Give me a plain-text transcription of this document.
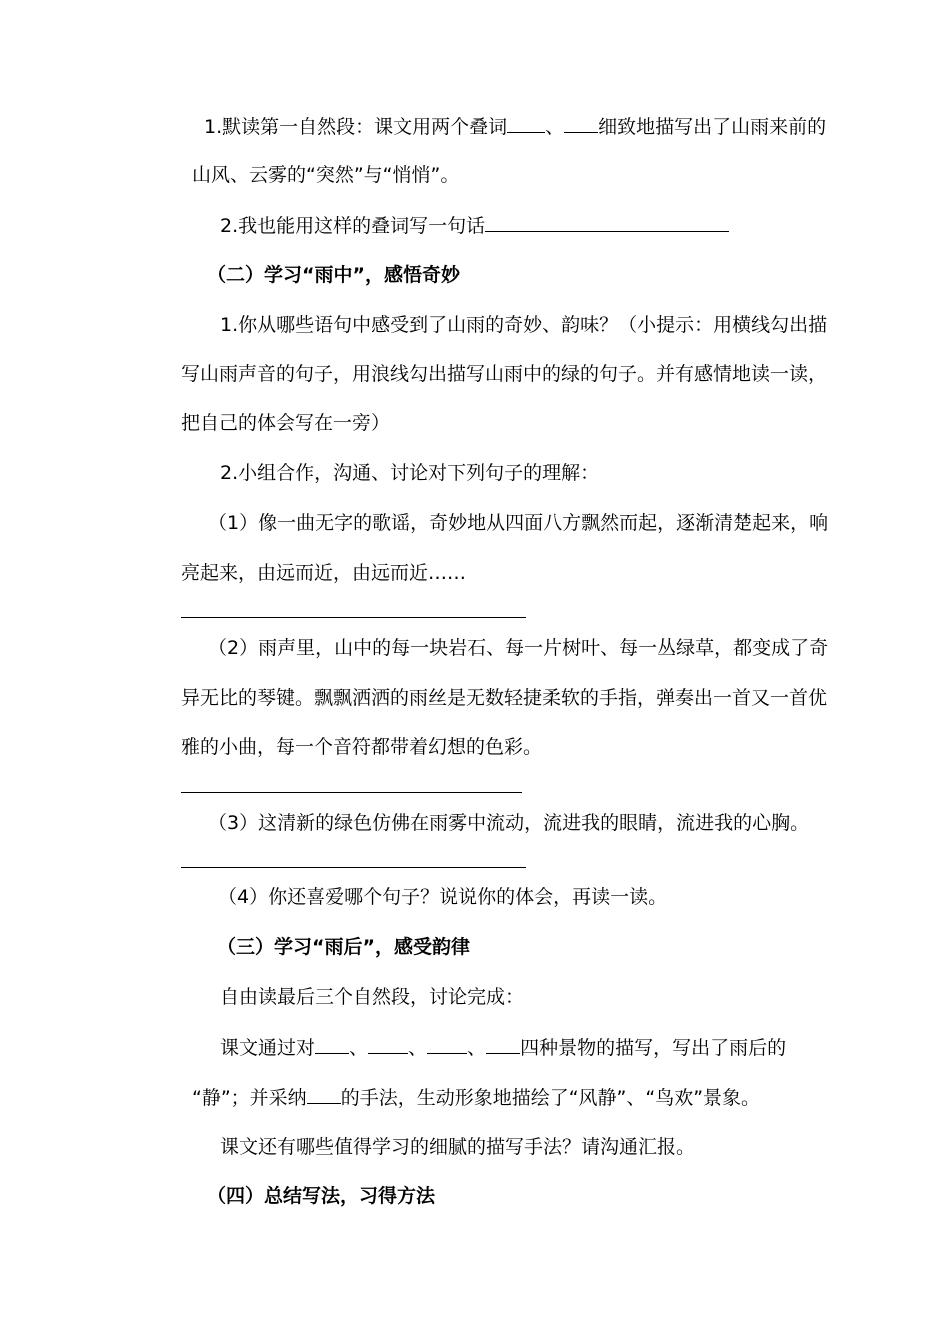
1.默读第一自然段：课文用两个叠词 、 细致地描写出了山雨来前的
山风、云雾的“突然”与“悄悄”。
2.我也能用这样的叠词写一句话
（二）学习“雨中”，感悟奇妙
1.你从哪些语句中感受到了山雨的奇妙、韵味？（小提示：用横线勾出描
写山雨声音的句子，用浪线勾出描写山雨中的绿的句子。并有感情地读一读，
把自己的体会写在一旁）
2.小组合作，沟通、讨论对下列句子的理解：
（1）像一曲无字的歌谣，奇妙地从四面八方飘然而起，逐渐清楚起来，响
亮起来，由远而近，由远而近……
（2）雨声里，山中的每一块岩石、每一片树叶、每一丛绿草，都变成了奇
异无比的琴键。飘飘洒洒的雨丝是无数轻捷柔软的手指，弹奏出一首又一首优
雅的小曲，每一个音符都带着幻想的色彩。
（3）这清新的绿色仿佛在雨雾中流动，流进我的眼睛，流进我的心胸。
（4）你还喜爱哪个句子？说说你的体会，再读一读。
（三）学习“雨后”，感受韵律
自由读最后三个自然段，讨论完成：
课文通过对 、 、 、 四种景物的描写，写出了雨后的
“静”；并采纳 的手法，生动形象地描绘了“风静”、“鸟欢”景象。
课文还有哪些值得学习的细腻的描写手法？请沟通汇报。
（四）总结写法，习得方法
